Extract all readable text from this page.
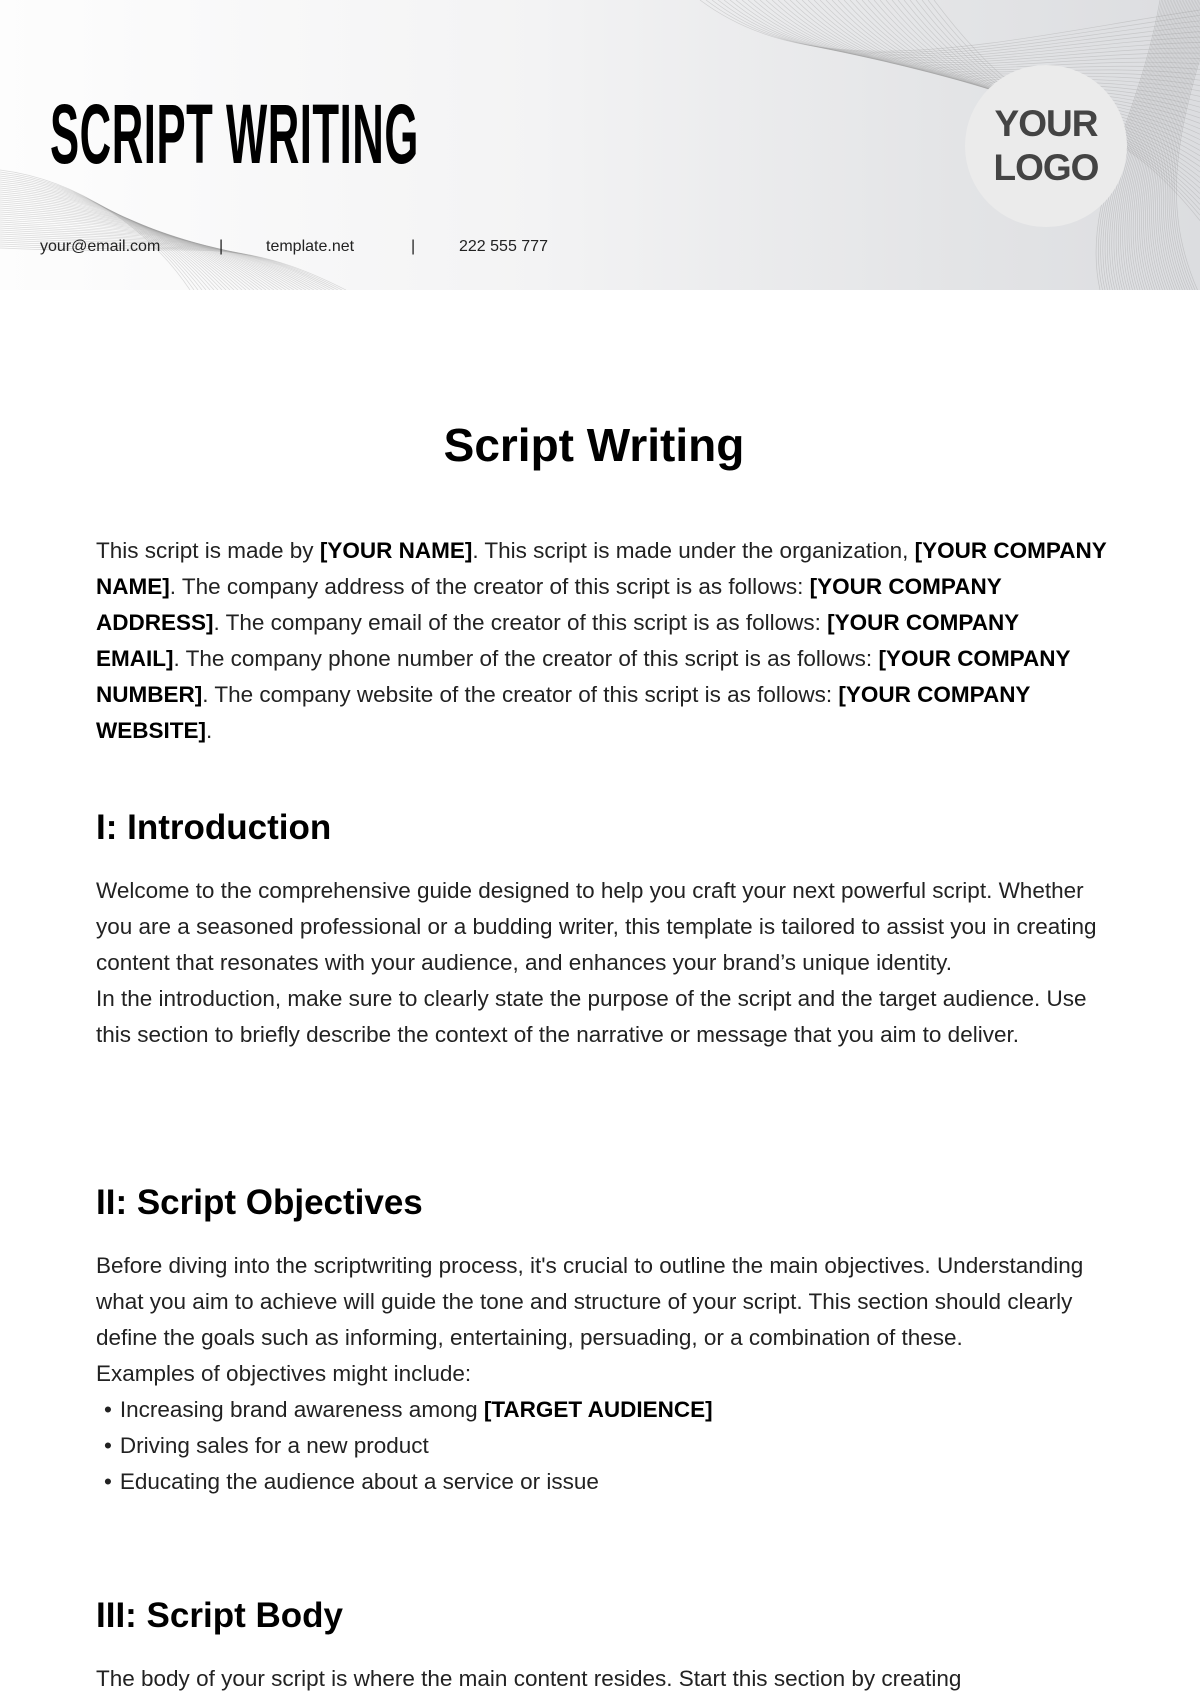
SCRIPT WRITING	YOUR
LOGO
your@email.com	|	template.net	|	222 555 777
Script Writing
This script is made by [YOUR NAME]. This script is made under the organization, [YOUR COMPANY NAME]. The company address of the creator of this script is as follows: [YOUR COMPANY ADDRESS]. The company email of the creator of this script is as follows: [YOUR COMPANY EMAIL]. The company phone number of the creator of this script is as follows: [YOUR COMPANY NUMBER]. The company website of the creator of this script is as follows: [YOUR COMPANY WEBSITE].
I: Introduction
Welcome to the comprehensive guide designed to help you craft your next powerful script. Whether you are a seasoned professional or a budding writer, this template is tailored to assist you in creating content that resonates with your audience, and enhances your brand’s unique identity.
In the introduction, make sure to clearly state the purpose of the script and the target audience. Use this section to briefly describe the context of the narrative or message that you aim to deliver.
II: Script Objectives
Before diving into the scriptwriting process, it's crucial to outline the main objectives. Understanding what you aim to achieve will guide the tone and structure of your script. This section should clearly define the goals such as informing, entertaining, persuading, or a combination of these.
Examples of objectives might include:
• Increasing brand awareness among [TARGET AUDIENCE]
• Driving sales for a new product
• Educating the audience about a service or issue
III: Script Body
The body of your script is where the main content resides. Start this section by creating
